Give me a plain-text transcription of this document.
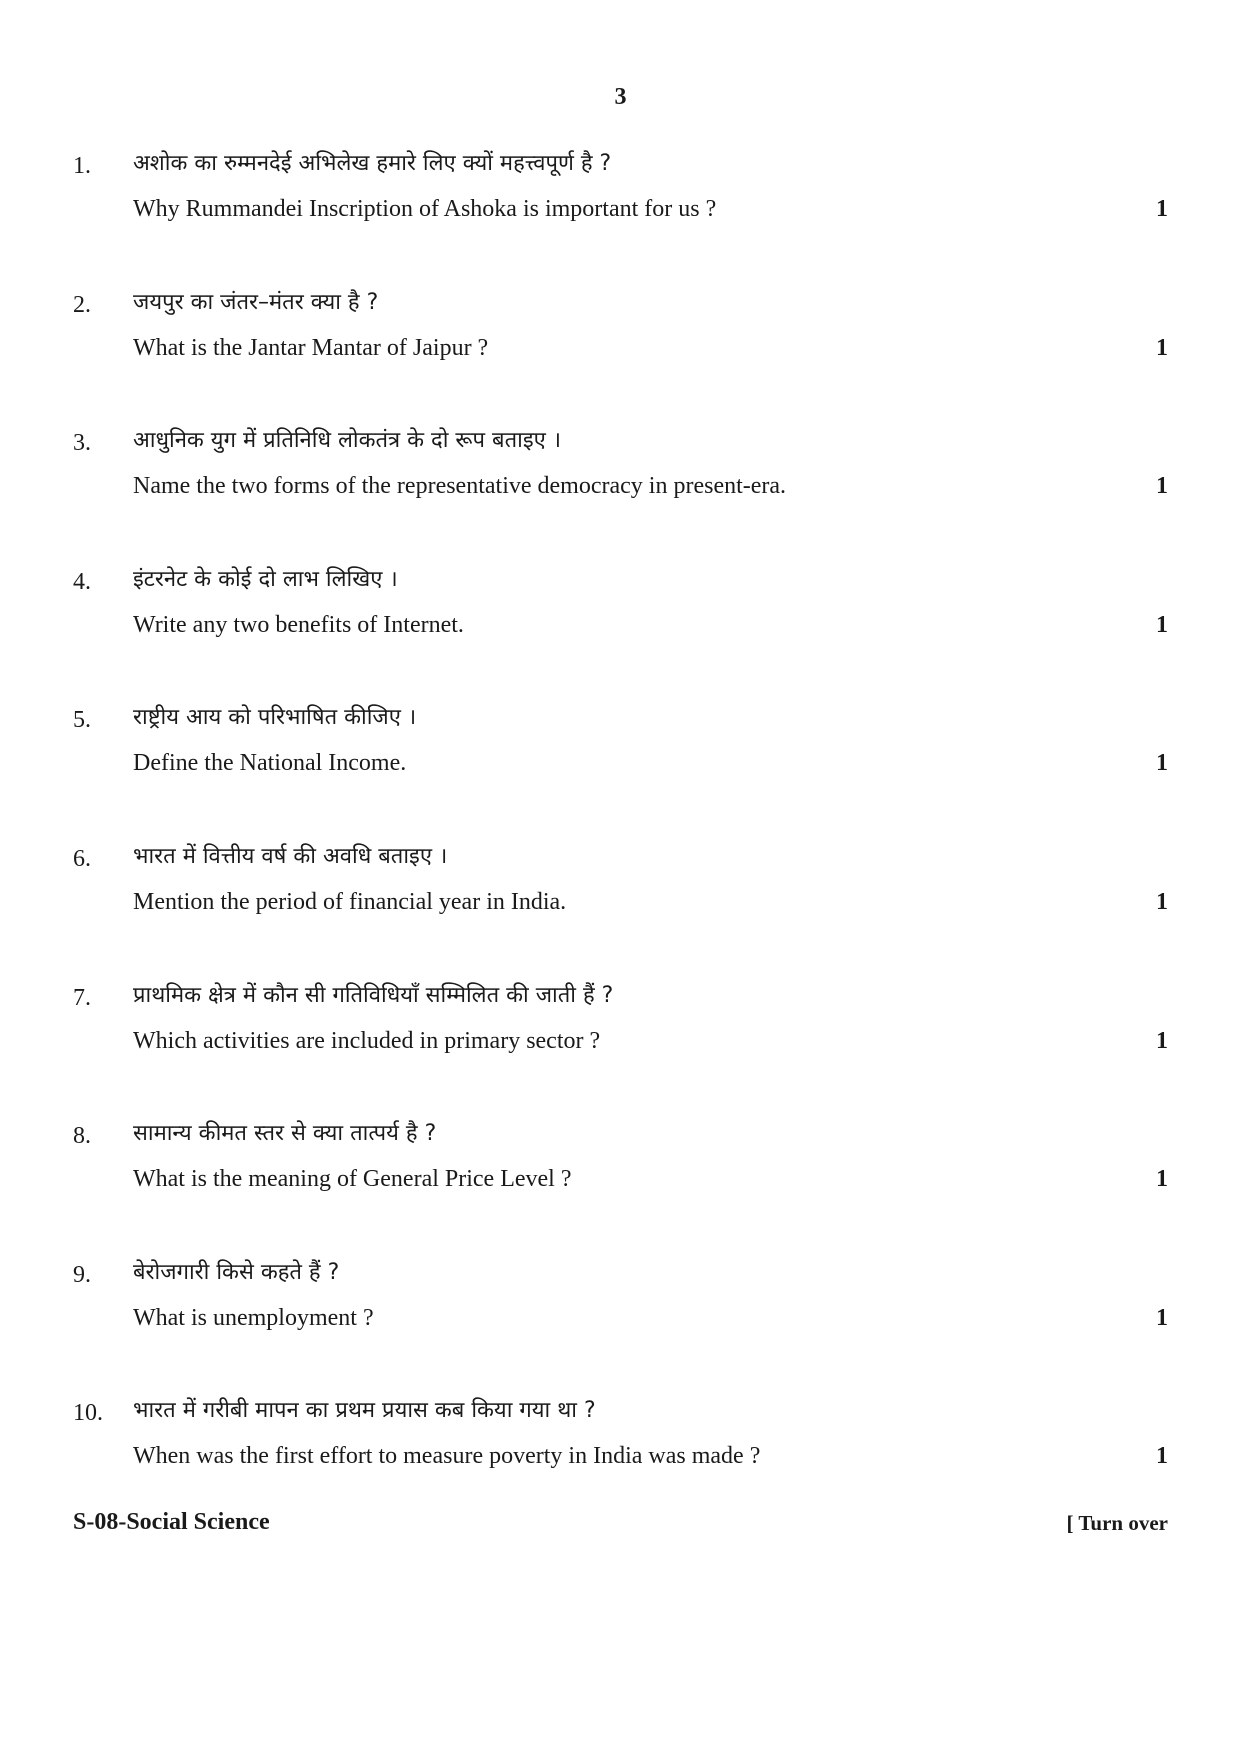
3
1. अशोक का रुम्मनदेई अभिलेख हमारे लिए क्यों महत्त्वपूर्ण है ?
Why Rummandei Inscription of Ashoka is important for us ?	1
2. जयपुर का जंतर–मंतर क्या है ?
What is the Jantar Mantar of Jaipur ?	1
3. आधुनिक युग में प्रतिनिधि लोकतंत्र के दो रूप बताइए ।
Name the two forms of the representative democracy in present-era.	1
4. इंटरनेट के कोई दो लाभ लिखिए ।
Write any two benefits of Internet.	1
5. राष्ट्रीय आय को परिभाषित कीजिए ।
Define the National Income.	1
6. भारत में वित्तीय वर्ष की अवधि बताइए ।
Mention the period of financial year in India.	1
7. प्राथमिक क्षेत्र में कौन सी गतिविधियाँ सम्मिलित की जाती हैं ?
Which activities are included in primary sector ?	1
8. सामान्य कीमत स्तर से क्या तात्पर्य है ?
What is the meaning of General Price Level ?	1
9. बेरोजगारी किसे कहते हैं ?
What is unemployment ?	1
10. भारत में गरीबी मापन का प्रथम प्रयास कब किया गया था ?
When was the first effort to measure poverty in India was made ?	1
S-08-Social Science	[ Turn over
